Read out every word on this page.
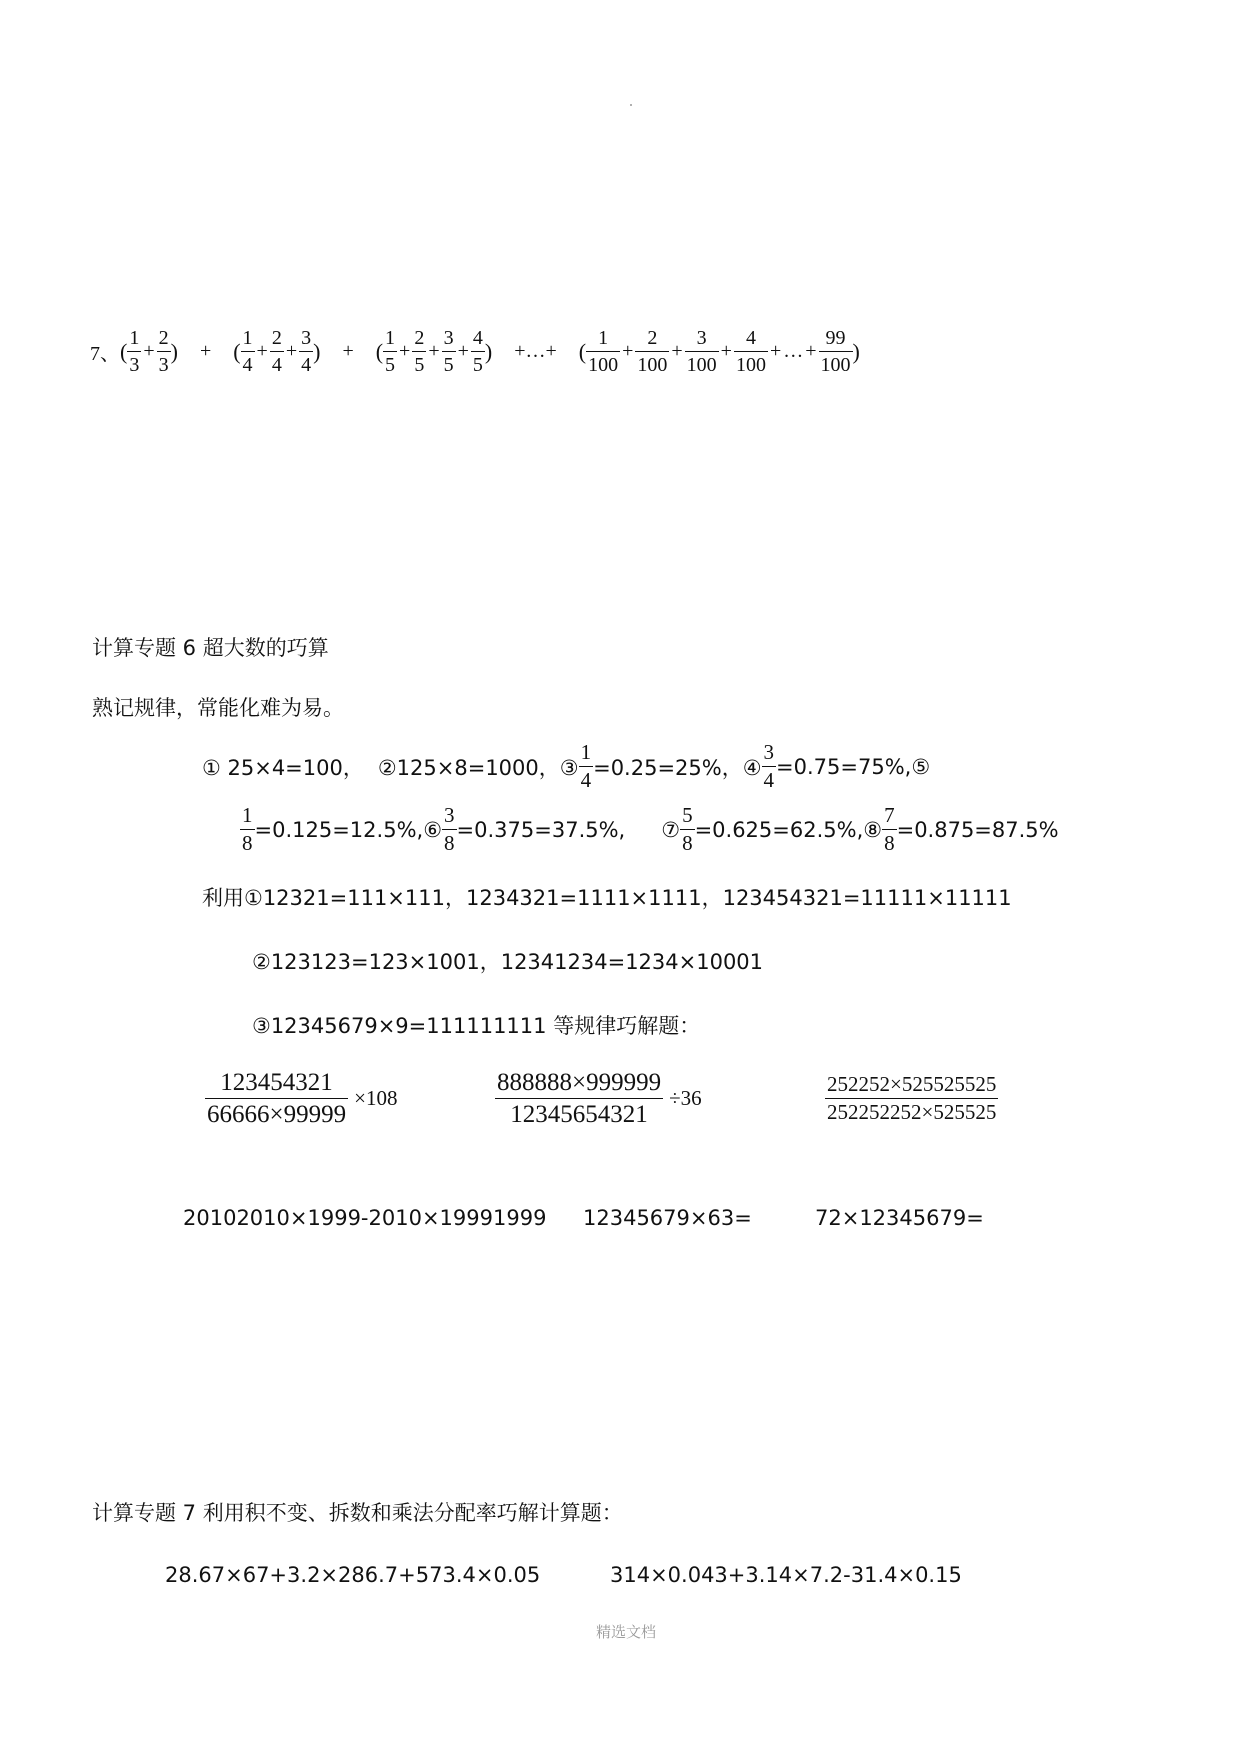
7、 ( $\frac{1}{3} + \frac{2}{3}$ ) + ( $\frac{1}{4} + \frac{2}{4} + \frac{3}{4}$ ) + ( $\frac{1}{5} + \frac{2}{5} + \frac{3}{5} + \frac{4}{5}$ ) +…+ ( $\frac{1}{100} + \frac{2}{100} + \frac{3}{100} + \frac{4}{100}$ + … + $\frac{99}{100}$ )
计算专题 6 超大数的巧算
熟记规律，常能化难为易。
① 25×4=100， ②125×8=1000，③ $\frac{1}{4} =0.25=25\%$，④ $\frac{3}{4}$ =0.75=75%,⑤
$\frac{1}{8}$ =0.125=12.5%,⑥ $\frac{3}{8} =0.375=37.5\%$, ⑦ $\frac{5}{8}$ =0.625=62.5%,⑧ $\frac{7}{8} =0.875=87.5\%$
利用①12321=111×111，1234321=1111×1111，123454321=11111×11111
②123123=123×1001，12341234=1234×10001
③12345679×9=111111111 等规律巧解题：
$\frac{123454321}{66666\times 99999} \times 108$	$\frac{888888\times 999999}{12345654321} \div 36$	$\frac{252252\times 525525525}{252252252\times 525525}$
20102010×1999-2010×19991999 12345679×63=	72×12345679=
计算专题 7 利用积不变、拆数和乘法分配率巧解计算题：
28.67×67+3.2×286.7+573.4×0.05	314×0.043+3.14×7.2-31.4×0.15
精选文档
